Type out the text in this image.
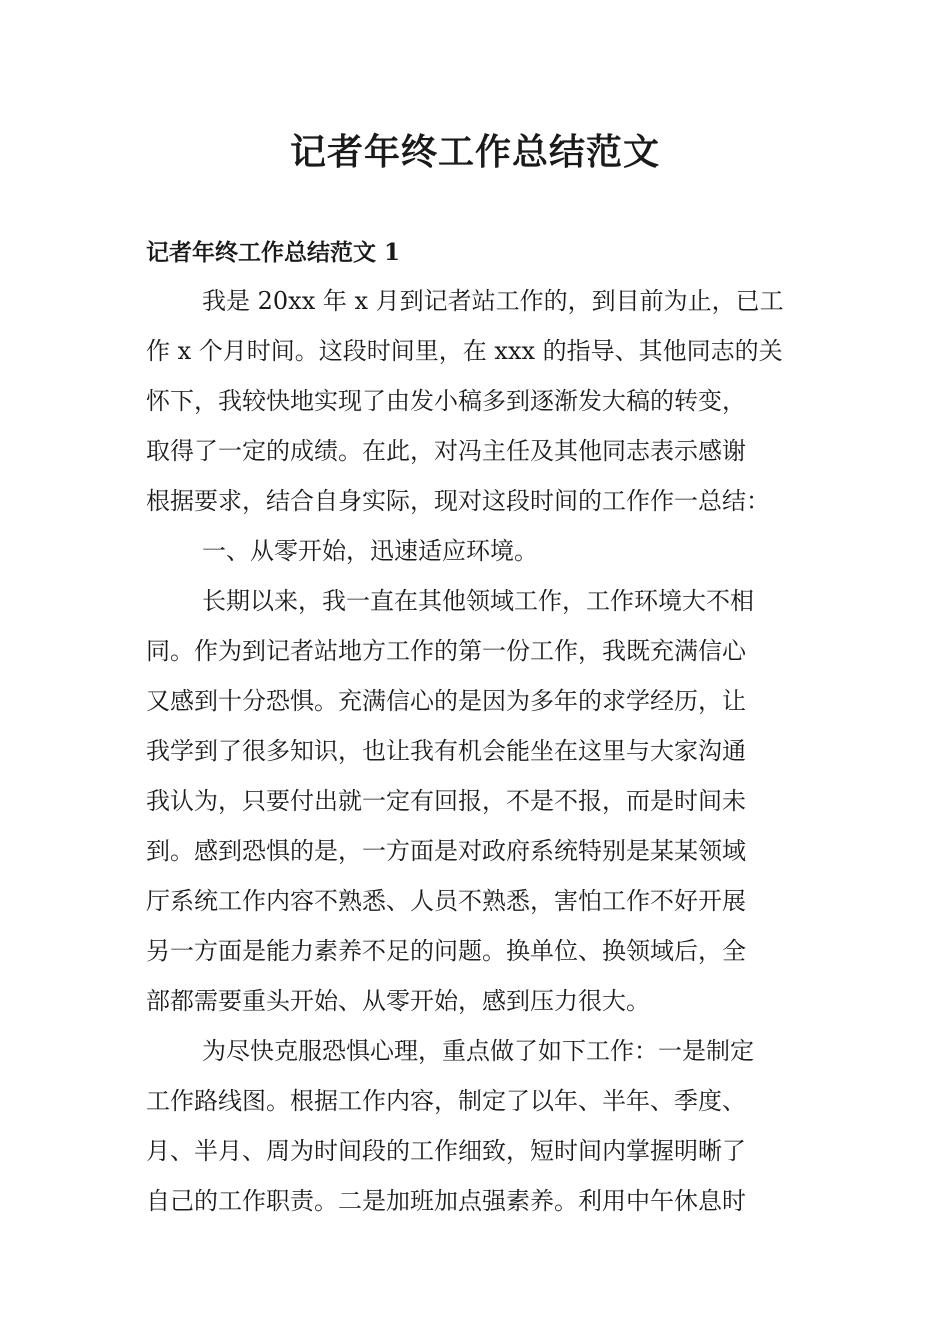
记者年终工作总结范文
记者年终工作总结范文 1

我是 20xx 年 x 月到记者站工作的，到目前为止，已工
作 x 个月时间。这段时间里，在 xxx 的指导、其他同志的关
怀下，我较快地实现了由发小稿多到逐渐发大稿的转变，
取得了一定的成绩。在此，对冯主任及其他同志表示感谢
根据要求，结合自身实际，现对这段时间的工作作一总结：

一、从零开始，迅速适应环境。

长期以来，我一直在其他领域工作，工作环境大不相
同。作为到记者站地方工作的第一份工作，我既充满信心
又感到十分恐惧。充满信心的是因为多年的求学经历，让
我学到了很多知识，也让我有机会能坐在这里与大家沟通
我认为，只要付出就一定有回报，不是不报，而是时间未
到。感到恐惧的是，一方面是对政府系统特别是某某领域
厅系统工作内容不熟悉、人员不熟悉，害怕工作不好开展
另一方面是能力素养不足的问题。换单位、换领域后，全
部都需要重头开始、从零开始，感到压力很大。

为尽快克服恐惧心理，重点做了如下工作：一是制定
工作路线图。根据工作内容，制定了以年、半年、季度、
月、半月、周为时间段的工作细致，短时间内掌握明晰了
自己的工作职责。二是加班加点强素养。利用中午休息时
